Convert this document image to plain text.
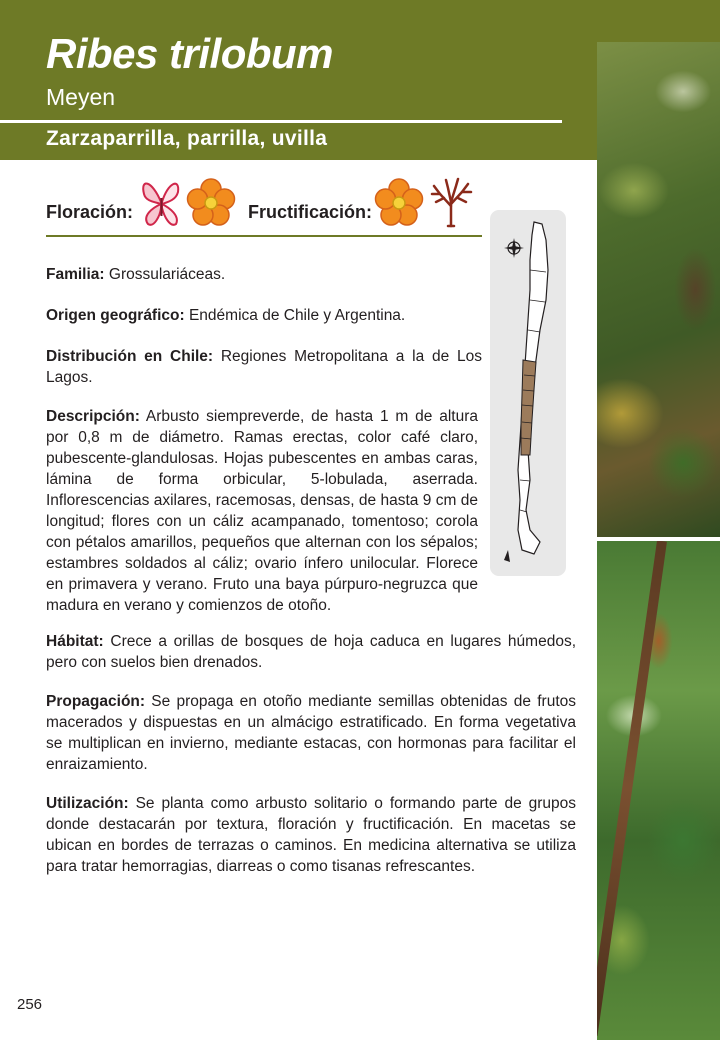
Ribes trilobum

Meyen

Zarzaparrilla, parrilla, uvilla

Floración:	Fructificación:

Familia: Grossulariáceas.

Origen geográfico: Endémica de Chile y Argentina.

Distribución en Chile: Regiones Metropolitana a la de Los Lagos.

Descripción: Arbusto siempreverde, de hasta 1 m de altura por 0,8 m de diámetro. Ramas erectas, color café claro, pubescente-glandulosas. Hojas pubescentes en ambas caras, lámina de forma orbicular, 5-lobulada, aserrada. Inflorescencias axilares, racemosas, densas, de hasta 9 cm de longitud; flores con un cáliz acampanado, tomentoso; corola con pétalos amarillos, pequeños que alternan con los sépalos; estambres soldados al cáliz; ovario ínfero unilocular. Florece en primavera y verano. Fruto una baya púrpuro-negruzca que madura en verano y comienzos de otoño.

Hábitat: Crece a orillas de bosques de hoja caduca en lugares húmedos, pero con suelos bien drenados.

Propagación: Se propaga en otoño mediante semillas obtenidas de frutos macerados y dispuestas en un almácigo estratificado. En forma vegetativa se multiplican en invierno, mediante estacas, con hormonas para facilitar el enraizamiento.

Utilización: Se planta como arbusto solitario o formando parte de grupos donde destacarán por textura, floración y fructificación. En macetas se ubican en bordes de terrazas o caminos. En medicina alternativa se utiliza para tratar hemorragias, diarreas o como tisanas refrescantes.

256
